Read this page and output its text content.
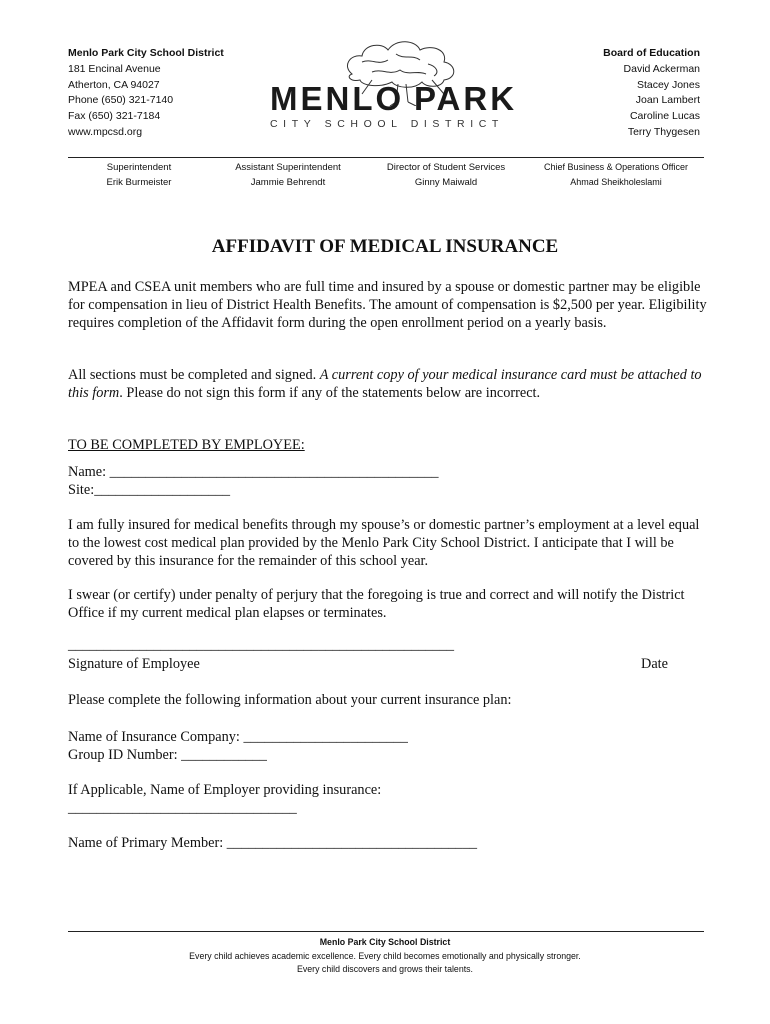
Menlo Park City School District
181 Encinal Avenue
Atherton, CA 94027
Phone (650) 321-7140
Fax (650) 321-7184
www.mpcsd.org
MENLO PARK
CITY SCHOOL DISTRICT
Board of Education
David Ackerman
Stacey Jones
Joan Lambert
Caroline Lucas
Terry Thygesen
Superintendent
Erik Burmeister
Assistant Superintendent
Jammie Behrendt
Director of Student Services
Ginny Maiwald
Chief Business & Operations Officer
Ahmad Sheikholeslami
AFFIDAVIT OF MEDICAL INSURANCE
MPEA and CSEA unit members who are full time and insured by a spouse or domestic partner may be eligible for compensation in lieu of District Health Benefits. The amount of compensation is $2,500 per year. Eligibility requires completion of the Affidavit form during the open enrollment period on a yearly basis.
All sections must be completed and signed. A current copy of your medical insurance card must be attached to this form. Please do not sign this form if any of the statements below are incorrect.
TO BE COMPLETED BY EMPLOYEE:
Name: ______________________________________________
Site:___________________
I am fully insured for medical benefits through my spouse’s or domestic partner’s employment at a level equal to the lowest cost medical plan provided by the Menlo Park City School District. I anticipate that I will be covered by this insurance for the remainder of this school year.
I swear (or certify) under penalty of perjury that the foregoing is true and correct and will notify the District Office if my current medical plan elapses or terminates.
______________________________________________________
Signature of Employee	Date
Please complete the following information about your current insurance plan:
Name of Insurance Company: _______________________
Group ID Number: ____________
If Applicable, Name of Employer providing insurance:
________________________________
Name of Primary Member: ___________________________________
Menlo Park City School District
Every child achieves academic excellence. Every child becomes emotionally and physically stronger.
Every child discovers and grows their talents.
